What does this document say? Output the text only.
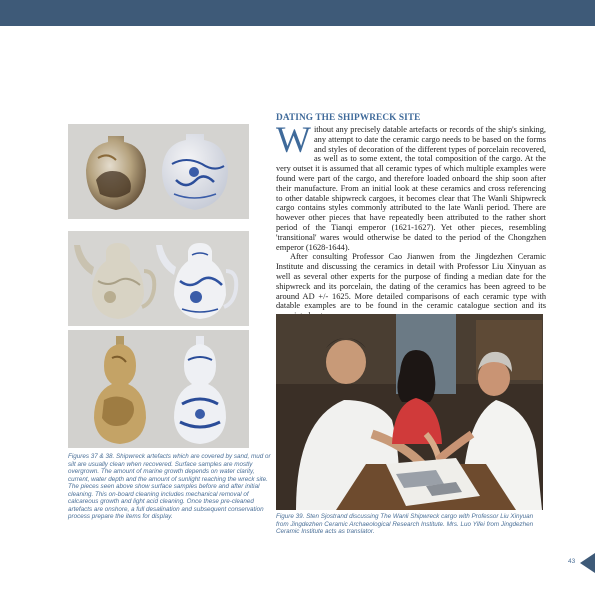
Figures 37 & 38. Shipwreck artefacts which are covered by sand, mud or silt are usually clean when recovered. Surface samples are mostly overgrown. The amount of marine growth depends on water clarity, current, water depth and the amount of sunlight reaching the wreck site. The pieces seen above show surface samples before and after initial cleaning. This on-board cleaning includes mechanical removal of calcareous growth and light acid cleaning. Once these pre-cleaned artefacts are onshore, a full desalination and subsequent conservation process prepare the items for display.

DATING THE SHIPWRECK SITE

Without any precisely datable artefacts or records of the ship's sinking, any attempt to date the ceramic cargo needs to be based on the forms and styles of decoration of the different types of porcelain recovered, as well as to some extent, the total composition of the cargo. At the very outset it is assumed that all ceramic types of which multiple examples were found were part of the cargo, and therefore loaded onboard the ship soon after their manufacture. From an initial look at these ceramics and cross referencing to other datable shipwreck cargoes, it becomes clear that The Wanli Shipwreck cargo contains styles commonly attributed to the late Wanli period. There are however other pieces that have repeatedly been attributed to the rather short period of the Tianqi emperor (1621-1627). Yet other pieces, resembling 'transitional' wares would otherwise be dated to the period of the Chongzhen emperor (1628-1644).

After consulting Professor Cao Jianwen from the Jingdezhen Ceramic Institute and discussing the ceramics in detail with Professor Liu Xinyuan as well as several other experts for the purpose of finding a median date for the shipwreck and its porcelain, the dating of the ceramics has been agreed to be around AD +/- 1625. More detailed comparisons of each ceramic type with datable examples are to be found in the ceramic catalogue section and its

Figure 39. Sten Sjostrand discussing The Wanli Shipwreck cargo with Professor Liu Xinyuan from Jingdezhen Ceramic Archaeological Research Institute. Mrs. Luo Yifei from Jingdezhen Ceramic Institute acts as translator.

43
